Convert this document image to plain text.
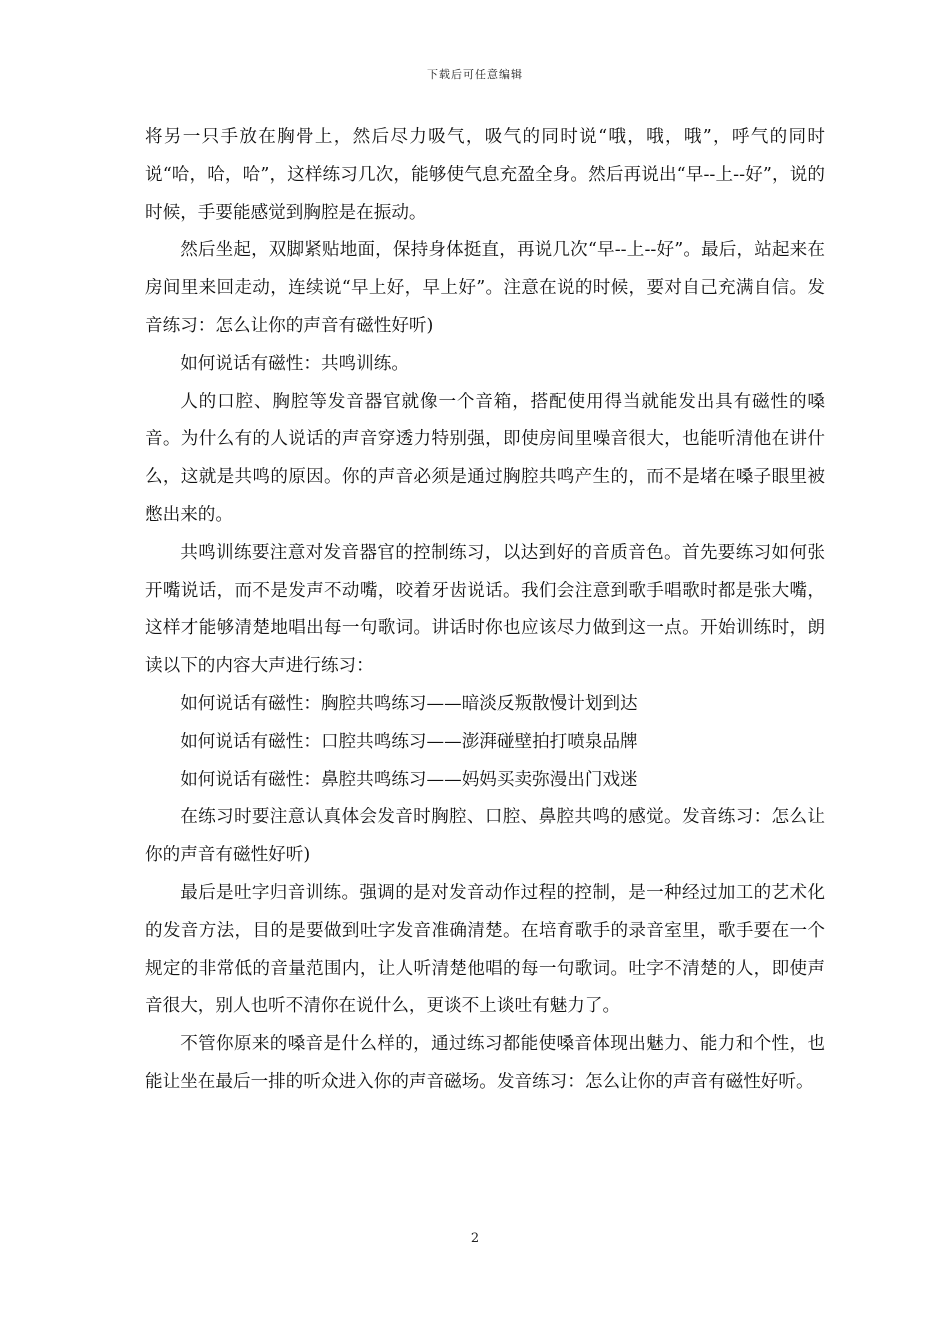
下载后可任意编辑

将另一只手放在胸骨上，然后尽力吸气，吸气的同时说“哦，哦，哦”，呼气的同时说“哈，哈，哈”，这样练习几次，能够使气息充盈全身。然后再说出“早--上--好”，说的时候，手要能感觉到胸腔是在振动。

然后坐起，双脚紧贴地面，保持身体挺直，再说几次“早--上--好”。最后，站起来在房间里来回走动，连续说“早上好，早上好”。注意在说的时候，要对自己充满自信。发音练习：怎么让你的声音有磁性好听)

如何说话有磁性：共鸣训练。

人的口腔、胸腔等发音器官就像一个音箱，搭配使用得当就能发出具有磁性的嗓音。为什么有的人说话的声音穿透力特别强，即使房间里噪音很大，也能听清他在讲什么，这就是共鸣的原因。你的声音必须是通过胸腔共鸣产生的，而不是堵在嗓子眼里被憋出来的。

共鸣训练要注意对发音器官的控制练习，以达到好的音质音色。首先要练习如何张开嘴说话，而不是发声不动嘴，咬着牙齿说话。我们会注意到歌手唱歌时都是张大嘴，这样才能够清楚地唱出每一句歌词。讲话时你也应该尽力做到这一点。开始训练时，朗读以下的内容大声进行练习：

如何说话有磁性：胸腔共鸣练习——暗淡反叛散慢计划到达

如何说话有磁性：口腔共鸣练习——澎湃碰壁拍打喷泉品牌

如何说话有磁性：鼻腔共鸣练习——妈妈买卖弥漫出门戏迷

在练习时要注意认真体会发音时胸腔、口腔、鼻腔共鸣的感觉。发音练习：怎么让你的声音有磁性好听)

最后是吐字归音训练。强调的是对发音动作过程的控制，是一种经过加工的艺术化的发音方法，目的是要做到吐字发音准确清楚。在培育歌手的录音室里，歌手要在一个规定的非常低的音量范围内，让人听清楚他唱的每一句歌词。吐字不清楚的人，即使声音很大，别人也听不清你在说什么，更谈不上谈吐有魅力了。

不管你原来的嗓音是什么样的，通过练习都能使嗓音体现出魅力、能力和个性，也能让坐在最后一排的听众进入你的声音磁场。发音练习：怎么让你的声音有磁性好听。

2
